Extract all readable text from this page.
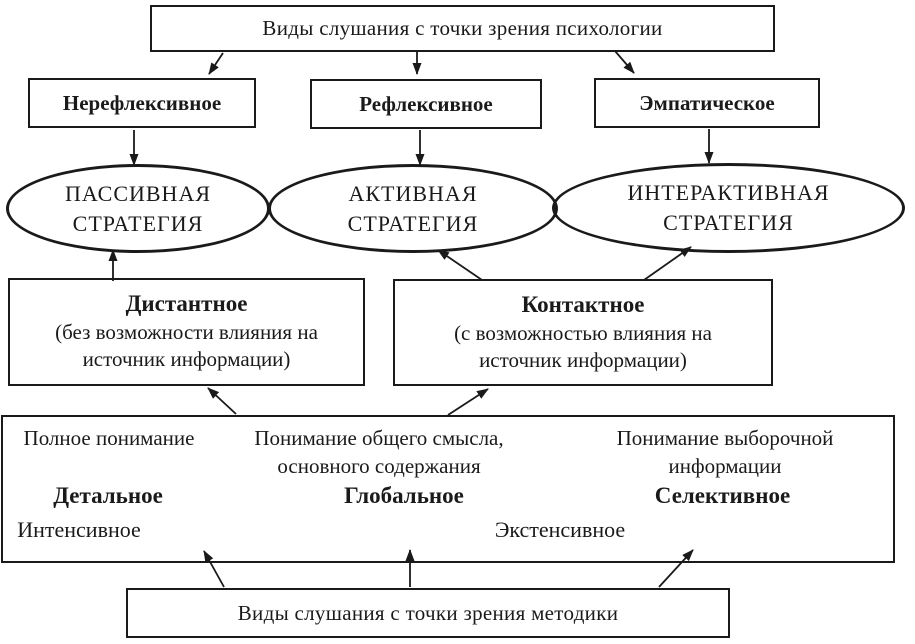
Виды слушания с точки зрения психологии
Нерефлексивное	Рефлексивное	Эмпатическое
ПАССИВНАЯ
СТРАТЕГИЯ
АКТИВНАЯ
СТРАТЕГИЯ
ИНТЕРАКТИВНАЯ
СТРАТЕГИЯ
Дистантное
(без возможности влияния на
источник информации)
Контактное
(с возможностью влияния на
источник информации)
Полное понимание	Понимание общего смысла,
основного содержания
Понимание выборочной
информации
Детальное	Глобальное	Селективное
Интенсивное	Экстенсивное
Виды слушания с точки зрения методики
